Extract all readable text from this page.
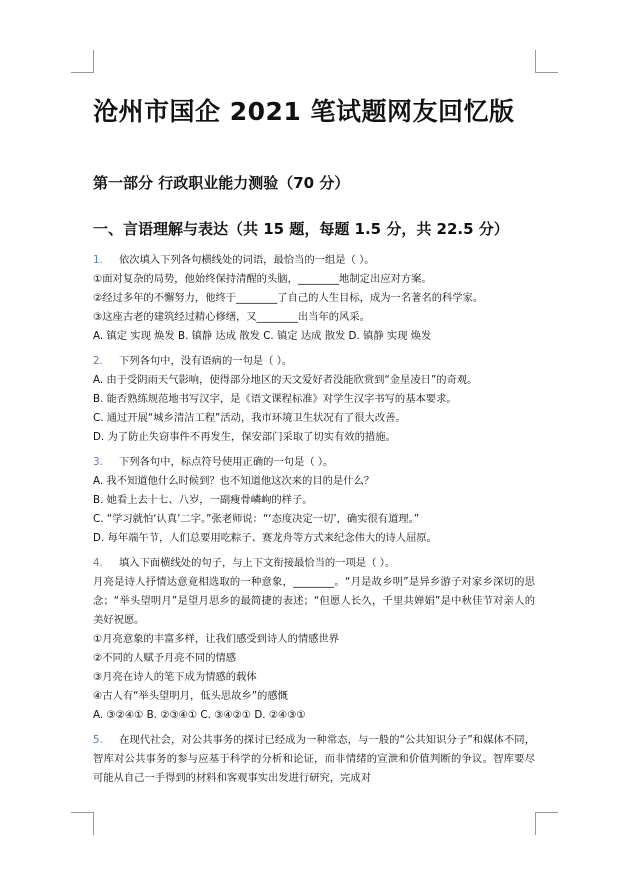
沧州市国企 2021 笔试题网友回忆版
第一部分 行政职业能力测验（70 分）
一、言语理解与表达（共 15 题，每题 1.5 分，共 22.5 分）
1. 依次填入下列各句横线处的词语，最恰当的一组是（ ）。
①面对复杂的局势，他始终保持清醒的头脑，________地制定出应对方案。
②经过多年的不懈努力，他终于________了自己的人生目标，成为一名著名的科学家。
③这座古老的建筑经过精心修缮，又________出当年的风采。
A. 镇定 实现 焕发 B. 镇静 达成 散发 C. 镇定 达成 散发 D. 镇静 实现 焕发
2. 下列各句中，没有语病的一句是（ ）。
A. 由于受阴雨天气影响，使得部分地区的天文爱好者没能欣赏到“金星凌日”的奇观。
B. 能否熟练规范地书写汉字，是《语文课程标准》对学生汉字书写的基本要求。
C. 通过开展“城乡清洁工程”活动，我市环境卫生状况有了很大改善。
D. 为了防止失窃事件不再发生，保安部门采取了切实有效的措施。
3. 下列各句中，标点符号使用正确的一句是（ ）。
A. 我不知道他什么时候到？也不知道他这次来的目的是什么？
B. 她看上去十七、八岁，一副瘦骨嶙峋的样子。
C. “学习就怕‘认真’二字。”张老师说：“‘态度决定一切’，确实很有道理。”
D. 每年端午节，人们总要用吃粽子、赛龙舟等方式来纪念伟大的诗人屈原。
4. 填入下面横线处的句子，与上下文衔接最恰当的一项是（ ）。
月亮是诗人抒情达意竟相选取的一种意象，________。“月是故乡明”是异乡游子对家乡深切的思念；“举头望明月”是望月思乡的最简捷的表述；“但愿人长久，千里共婵娟”是中秋佳节对亲人的美好祝愿。
①月亮意象的丰富多样，让我们感受到诗人的情感世界
②不同的人赋予月亮不同的情感
③月亮在诗人的笔下成为情感的载体
④古人有“举头望明月，低头思故乡”的感慨
A. ③②④① B. ②③④① C. ③④②① D. ②④③①
5. 在现代社会，对公共事务的探讨已经成为一种常态，与一般的“公共知识分子”和媒体不同，智库对公共事务的参与应基于科学的分析和论证，而非情绪的宣泄和价值判断的争议。智库要尽可能从自己一手得到的材料和客观事实出发进行研究，完成对
